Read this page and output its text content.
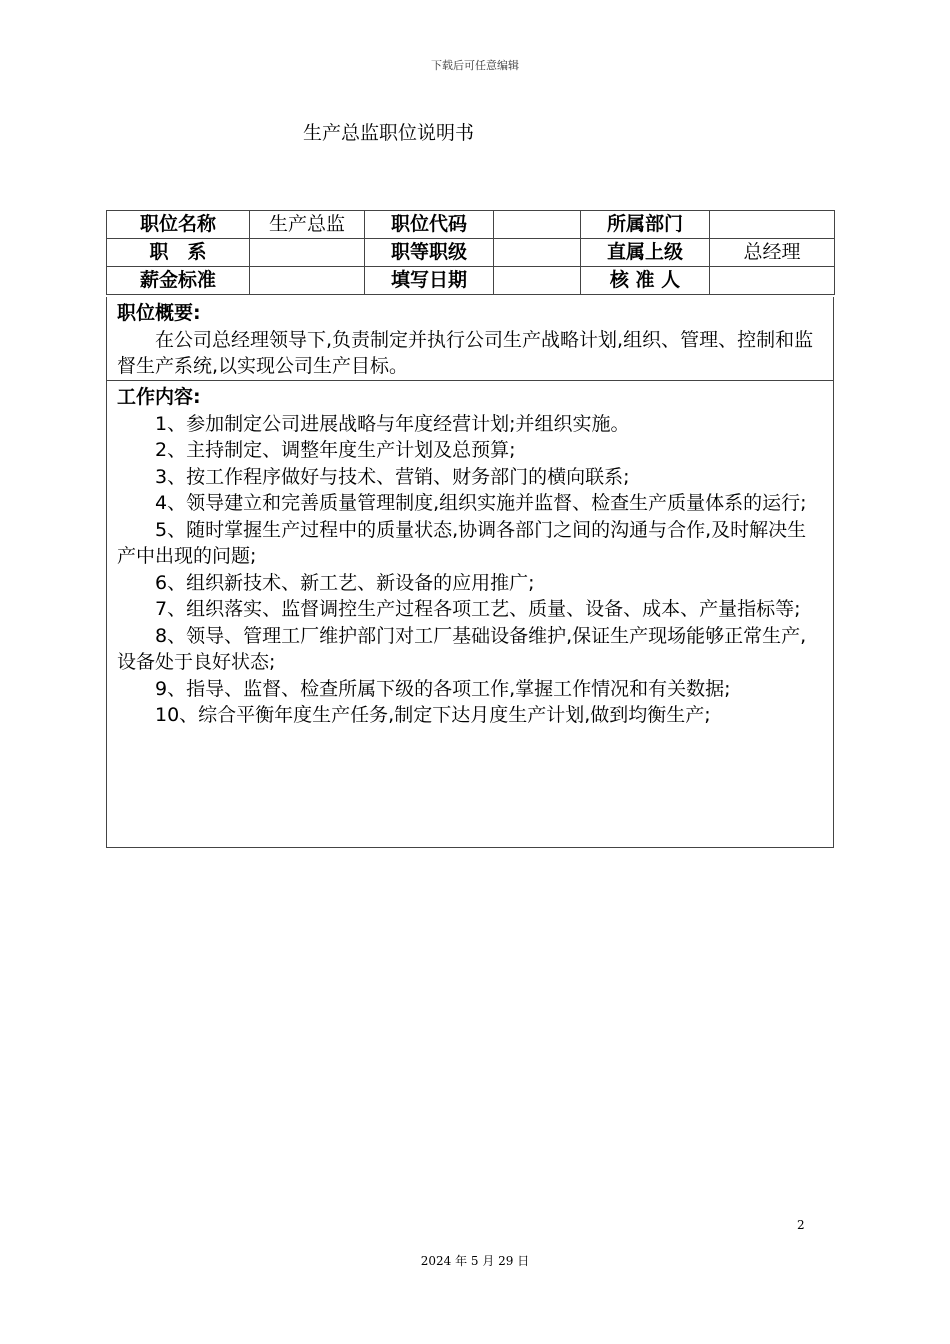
下载后可任意编辑
生产总监职位说明书
职位名称	生产总监	职位代码		所属部门	
职　系		职等职级		直属上级	总经理
薪金标准		填写日期		核 准 人	
职位概要:

在公司总经理领导下,负责制定并执行公司生产战略计划,组织、管理、控制和监督生产系统,以实现公司生产目标。

工作内容:
1、参加制定公司进展战略与年度经营计划;并组织实施。
2、主持制定、调整年度生产计划及总预算;
3、按工作程序做好与技术、营销、财务部门的横向联系;
4、领导建立和完善质量管理制度,组织实施并监督、检查生产质量体系的运行;
5、随时掌握生产过程中的质量状态,协调各部门之间的沟通与合作,及时解决生产中出现的问题;
6、组织新技术、新工艺、新设备的应用推广;
7、组织落实、监督调控生产过程各项工艺、质量、设备、成本、产量指标等;
8、领导、管理工厂维护部门对工厂基础设备维护,保证生产现场能够正常生产,设备处于良好状态;
9、指导、监督、检查所属下级的各项工作,掌握工作情况和有关数据;
10、综合平衡年度生产任务,制定下达月度生产计划,做到均衡生产;
2
2024 年 5 月 29 日
